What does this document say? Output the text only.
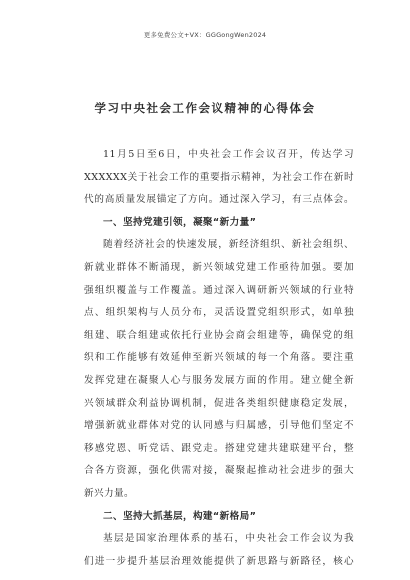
更多免费公文+VX：GGGongWen2024
学习中央社会工作会议精神的心得体会
11月5日至6日，中央社会工作会议召开，传达学习
XXXXXX关于社会工作的重要指示精神，为社会工作在新时
代的高质量发展锚定了方向。通过深入学习，有三点体会。
一、坚持党建引领，凝聚“新力量”
随着经济社会的快速发展，新经济组织、新社会组织、
新就业群体不断涌现，新兴领域党建工作亟待加强。要加
强组织覆盖与工作覆盖。通过深入调研新兴领域的行业特
点、组织架构与人员分布，灵活设置党组织形式，如单独
组建、联合组建或依托行业协会商会组建等，确保党的组
织和工作能够有效延伸至新兴领域的每一个角落。要注重
发挥党建在凝聚人心与服务发展方面的作用。建立健全新
兴领域群众利益协调机制，促进各类组织健康稳定发展，
增强新就业群体对党的认同感与归属感，引导他们坚定不
移感党恩、听党话、跟党走。搭建党建共建联建平台，整
合各方资源，强化供需对接，凝聚起推动社会进步的强大
新兴力量。
二、坚持大抓基层，构建“新格局”
基层是国家治理体系的基石，中央社会工作会议为我
们进一步提升基层治理效能提供了新思路与新路径，核心
